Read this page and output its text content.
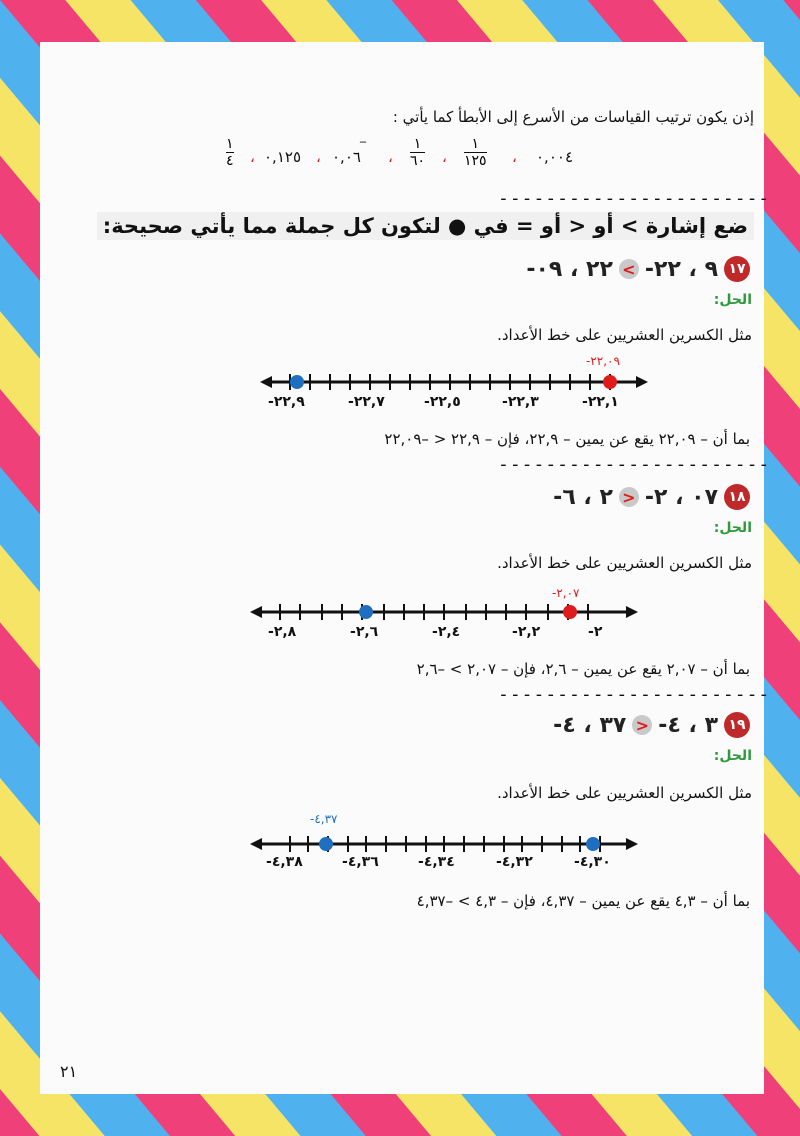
إذن يكون ترتيب القياسات من الأسرع إلى الأبطأ كما يأتي :
١
٤ ، ٠,١٢٥ ، ٠,٠٦
‾
،
١
٦٠ ،
١
١٢٥ ، ٠,٠٠٤
-----------------------
ضع إشارة > أو < أو = في ● لتكون كل جملة مما يأتي صحيحة:
-٢٢ ، ٠٩ < -٩ ، ٢٢ ١٧
الحل:
مثل الكسرين العشريين على خط الأعداد.
-٢٢,٠٩
-٢٢,٩	-٢٢,٧	-٢٢,٥	-٢٢,٣	-٢٢,١
بما أن – ٢٢,٠٩ يقع عن يمين – ٢٢,٩، فإن – ٢٢,٩ < –٢٢,٠٩
-----------------------
-٢ ، ٦ > -٠٧ ، ٢ ١٨
الحل:
مثل الكسرين العشريين على خط الأعداد.
-٢,٠٧
-٢,٨	-٢,٦	-٢,٤	-٢,٢	-٢
بما أن – ٢,٠٧ يقع عن يمين – ٢,٦، فإن – ٢,٠٧ > –٢,٦
-----------------------
-٣٧ ، ٤ > -٣ ، ٤ ١٩
الحل:
مثل الكسرين العشريين على خط الأعداد.
-٤,٣٧
-٤,٣٨	-٤,٣٦	-٤,٣٤	-٤,٣٢	-٤,٣٠
بما أن – ٤,٣ يقع عن يمين – ٤,٣٧، فإن – ٤,٣ > –٤,٣٧
٢١
